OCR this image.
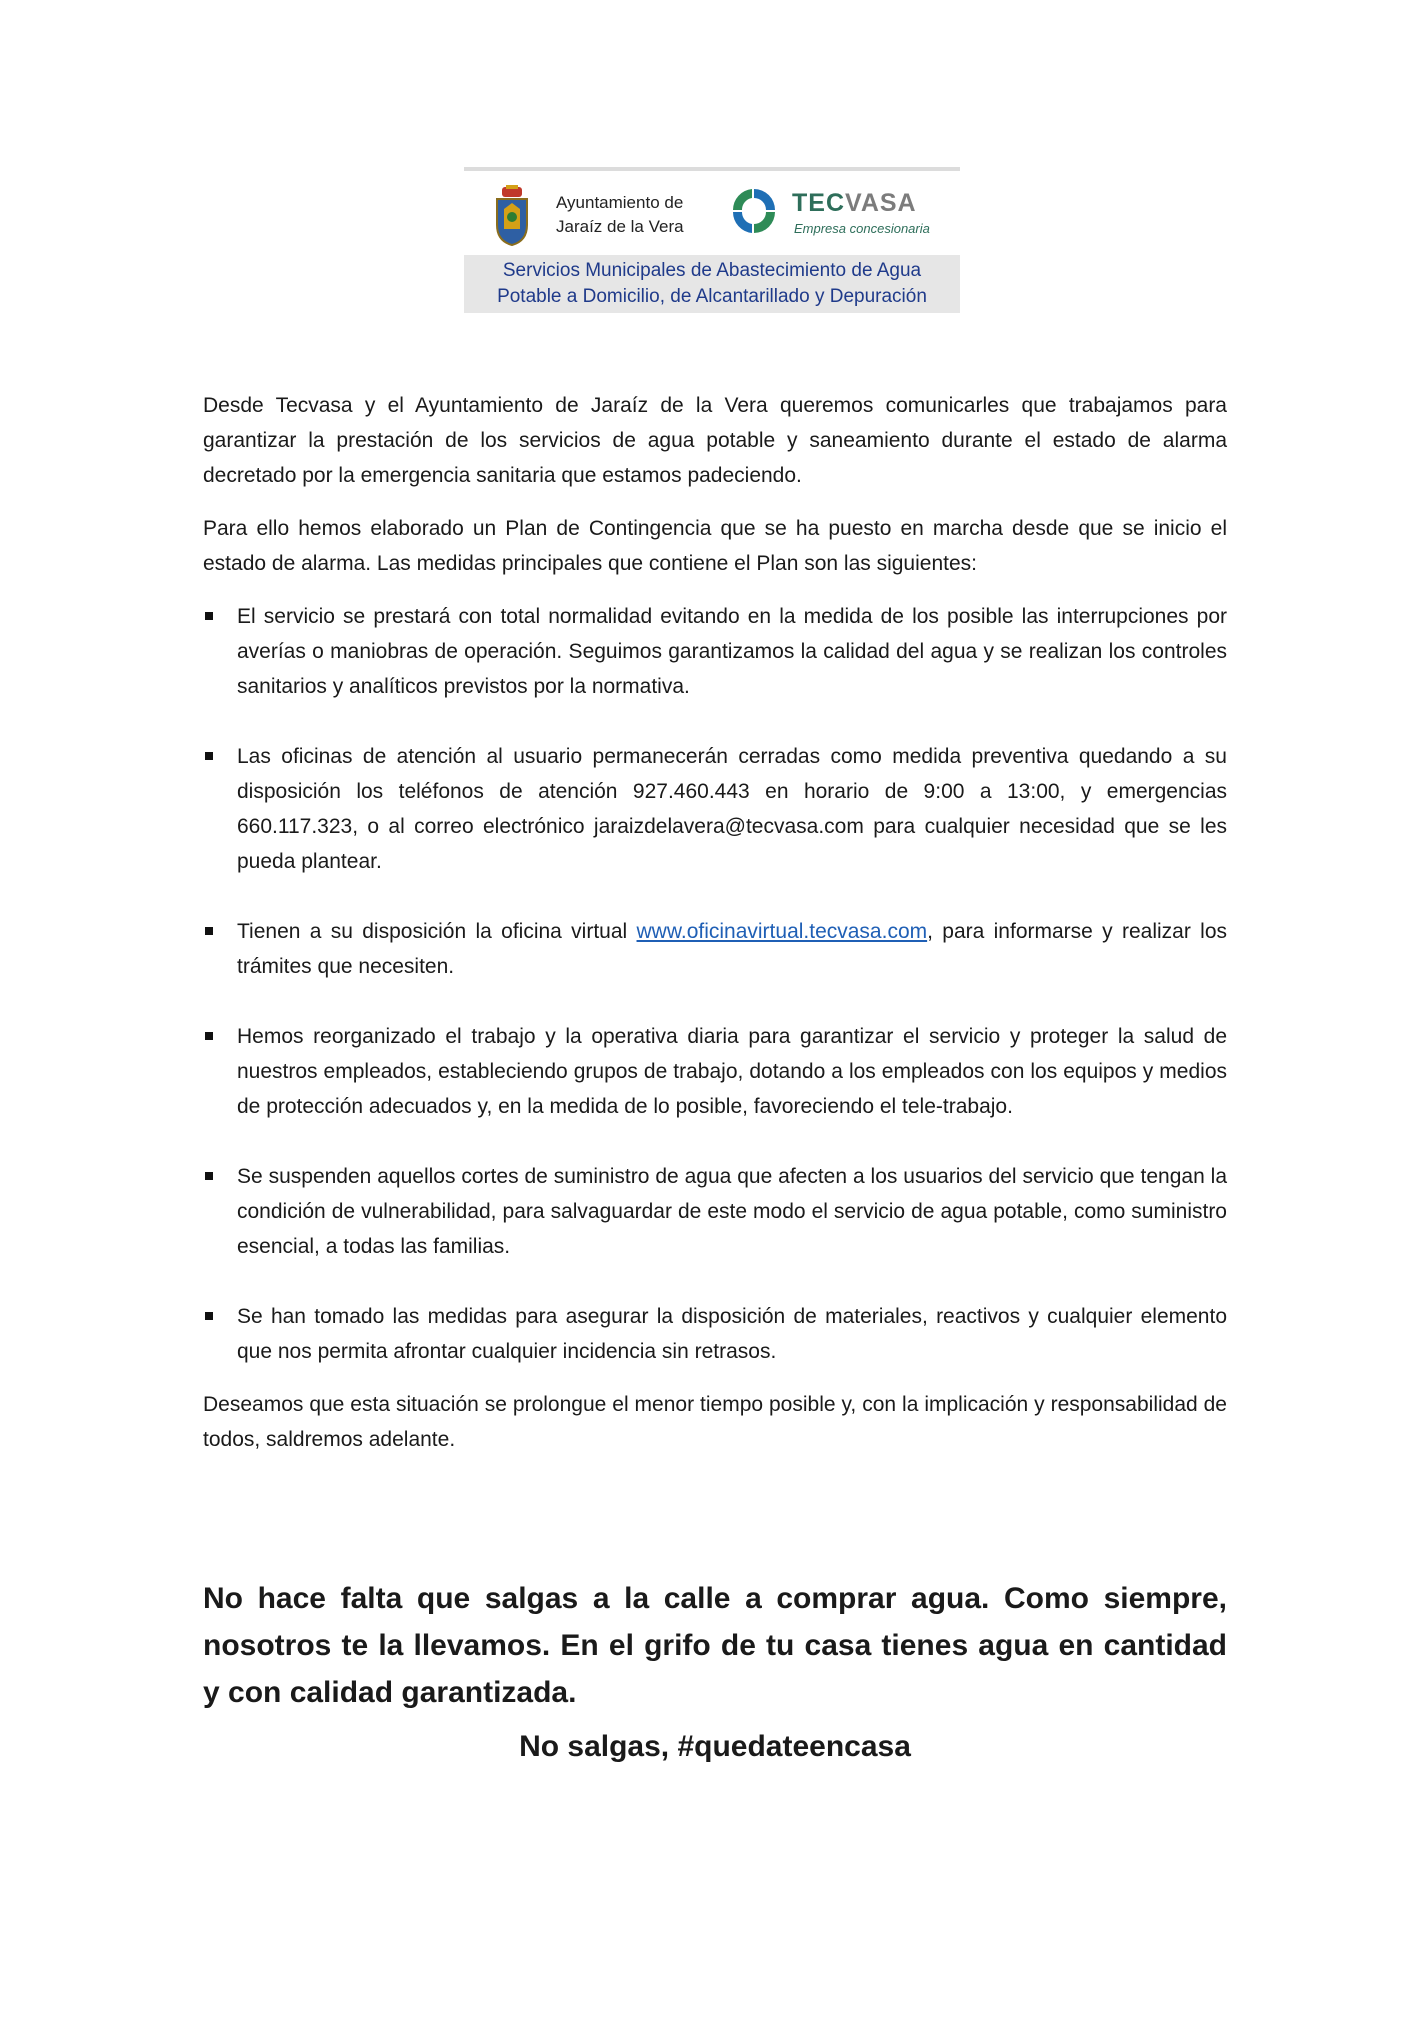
Ayuntamiento de
Jaraíz de la Vera
TECVASA
Empresa concesionaria
Servicios Municipales de Abastecimiento de Agua
Potable a Domicilio, de Alcantarillado y Depuración

Desde Tecvasa y el Ayuntamiento de Jaraíz de la Vera queremos comunicarles que trabajamos para garantizar la prestación de los servicios de agua potable y saneamiento durante el estado de alarma decretado por la emergencia sanitaria que estamos padeciendo.

Para ello hemos elaborado un Plan de Contingencia que se ha puesto en marcha desde que se inicio el estado de alarma. Las medidas principales que contiene el Plan son las siguientes:

El servicio se prestará con total normalidad evitando en la medida de los posible las interrupciones por averías o maniobras de operación. Seguimos garantizamos la calidad del agua y se realizan los controles sanitarios y analíticos previstos por la normativa.
Las oficinas de atención al usuario permanecerán cerradas como medida preventiva quedando a su disposición los teléfonos de atención 927.460.443 en horario de 9:00 a 13:00, y emergencias 660.117.323, o al correo electrónico jaraizdelavera@tecvasa.com para cualquier necesidad que se les pueda plantear.
Tienen a su disposición la oficina virtual www.oficinavirtual.tecvasa.com, para informarse y realizar los trámites que necesiten.
Hemos reorganizado el trabajo y la operativa diaria para garantizar el servicio y proteger la salud de nuestros empleados, estableciendo grupos de trabajo, dotando a los empleados con los equipos y medios de protección adecuados y, en la medida de lo posible, favoreciendo el tele-trabajo.
Se suspenden aquellos cortes de suministro de agua que afecten a los usuarios del servicio que tengan la condición de vulnerabilidad, para salvaguardar de este modo el servicio de agua potable, como suministro esencial, a todas las familias.
Se han tomado las medidas para asegurar la disposición de materiales, reactivos y cualquier elemento que nos permita afrontar cualquier incidencia sin retrasos.

Deseamos que esta situación se prolongue el menor tiempo posible y, con la implicación y responsabilidad de todos, saldremos adelante.

No hace falta que salgas a la calle a comprar agua. Como siempre, nosotros te la llevamos. En el grifo de tu casa tienes agua en cantidad y con calidad garantizada.

No salgas, #quedateencasa
